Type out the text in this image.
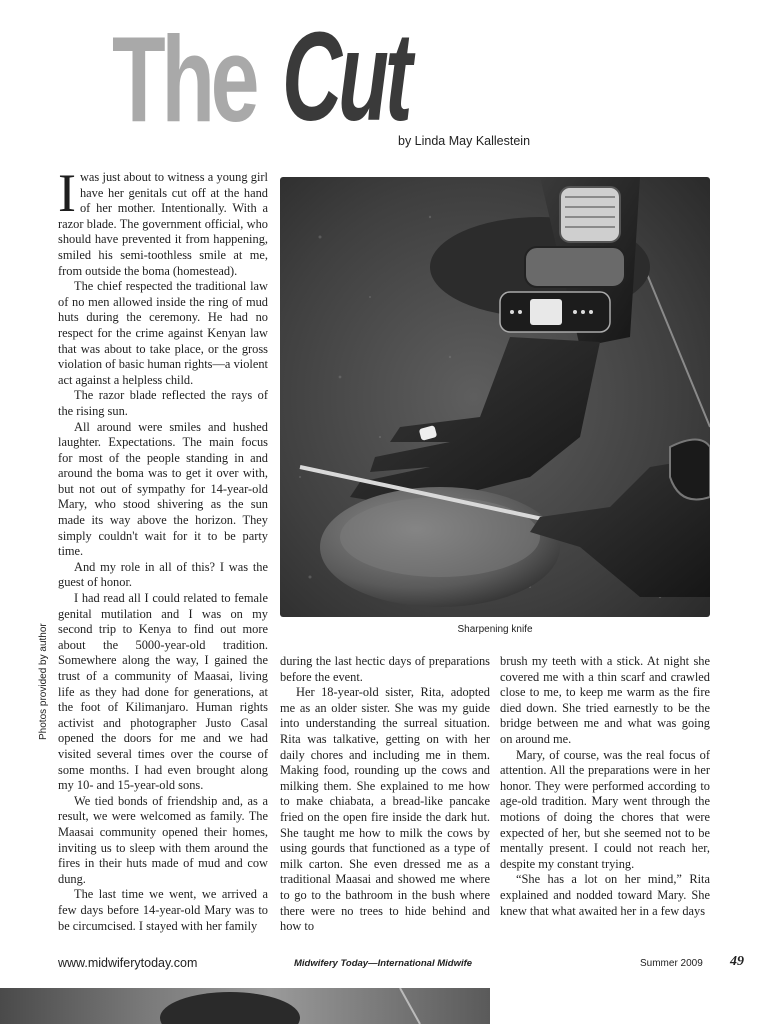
The Cut
by Linda May Kallestein

Iwas just about to witness a young girl have her genitals cut off at the hand of her mother. Intentionally. With a razor blade. The government official, who should have prevented it from happening, smiled his semi-toothless smile at me, from outside the boma (homestead).

The chief respected the traditional law of no men allowed inside the ring of mud huts during the ceremony. He had no respect for the crime against Kenyan law that was about to take place, or the gross violation of basic human rights—a violent act against a helpless child.

The razor blade reflected the rays of the rising sun.

All around were smiles and hushed laughter. Expectations. The main focus for most of the people standing in and around the boma was to get it over with, but not out of sympathy for 14-year-old Mary, who stood shivering as the sun made its way above the horizon. They simply couldn't wait for it to be party time.

And my role in all of this? I was the guest of honor.

I had read all I could related to female genital mutilation and I was on my second trip to Kenya to find out more about the 5000-year-old tradition. Somewhere along the way, I gained the trust of a community of Maasai, living life as they had done for generations, at the foot of Kilimanjaro. Human rights activist and photographer Justo Casal opened the doors for me and we had visited several times over the course of some months. I had even brought along my 10- and 15-year-old sons.

We tied bonds of friendship and, as a result, we were welcomed as family. The Maasai community opened their homes, inviting us to sleep with them around the fires in their huts made of mud and cow dung.

The last time we went, we arrived a few days before 14-year-old Mary was to be circumcised. I stayed with her family

Photos provided by author	Sharpening knife

during the last hectic days of preparations before the event.

Her 18-year-old sister, Rita, adopted me as an older sister. She was my guide into understanding the surreal situation. Rita was talkative, getting on with her daily chores and including me in them. Making food, rounding up the cows and milking them. She explained to me how to make chiabata, a bread-like pancake fried on the open fire inside the dark hut. She taught me how to milk the cows by using gourds that functioned as a type of milk carton. She even dressed me as a traditional Maasai and showed me where to go to the bathroom in the bush where there were no trees to hide behind and how to

brush my teeth with a stick. At night she covered me with a thin scarf and crawled close to me, to keep me warm as the fire died down. She tried earnestly to be the bridge between me and what was going on around me.

Mary, of course, was the real focus of attention. All the preparations were in her honor. They were performed according to age-old tradition. Mary went through the motions of doing the chores that were expected of her, but she seemed not to be mentally present. I could not reach her, despite my constant trying.

“She has a lot on her mind,” Rita explained and nodded toward Mary. She knew that what awaited her in a few days

www.midwiferytoday.com	Midwifery Today—International Midwife	Summer 2009 49
